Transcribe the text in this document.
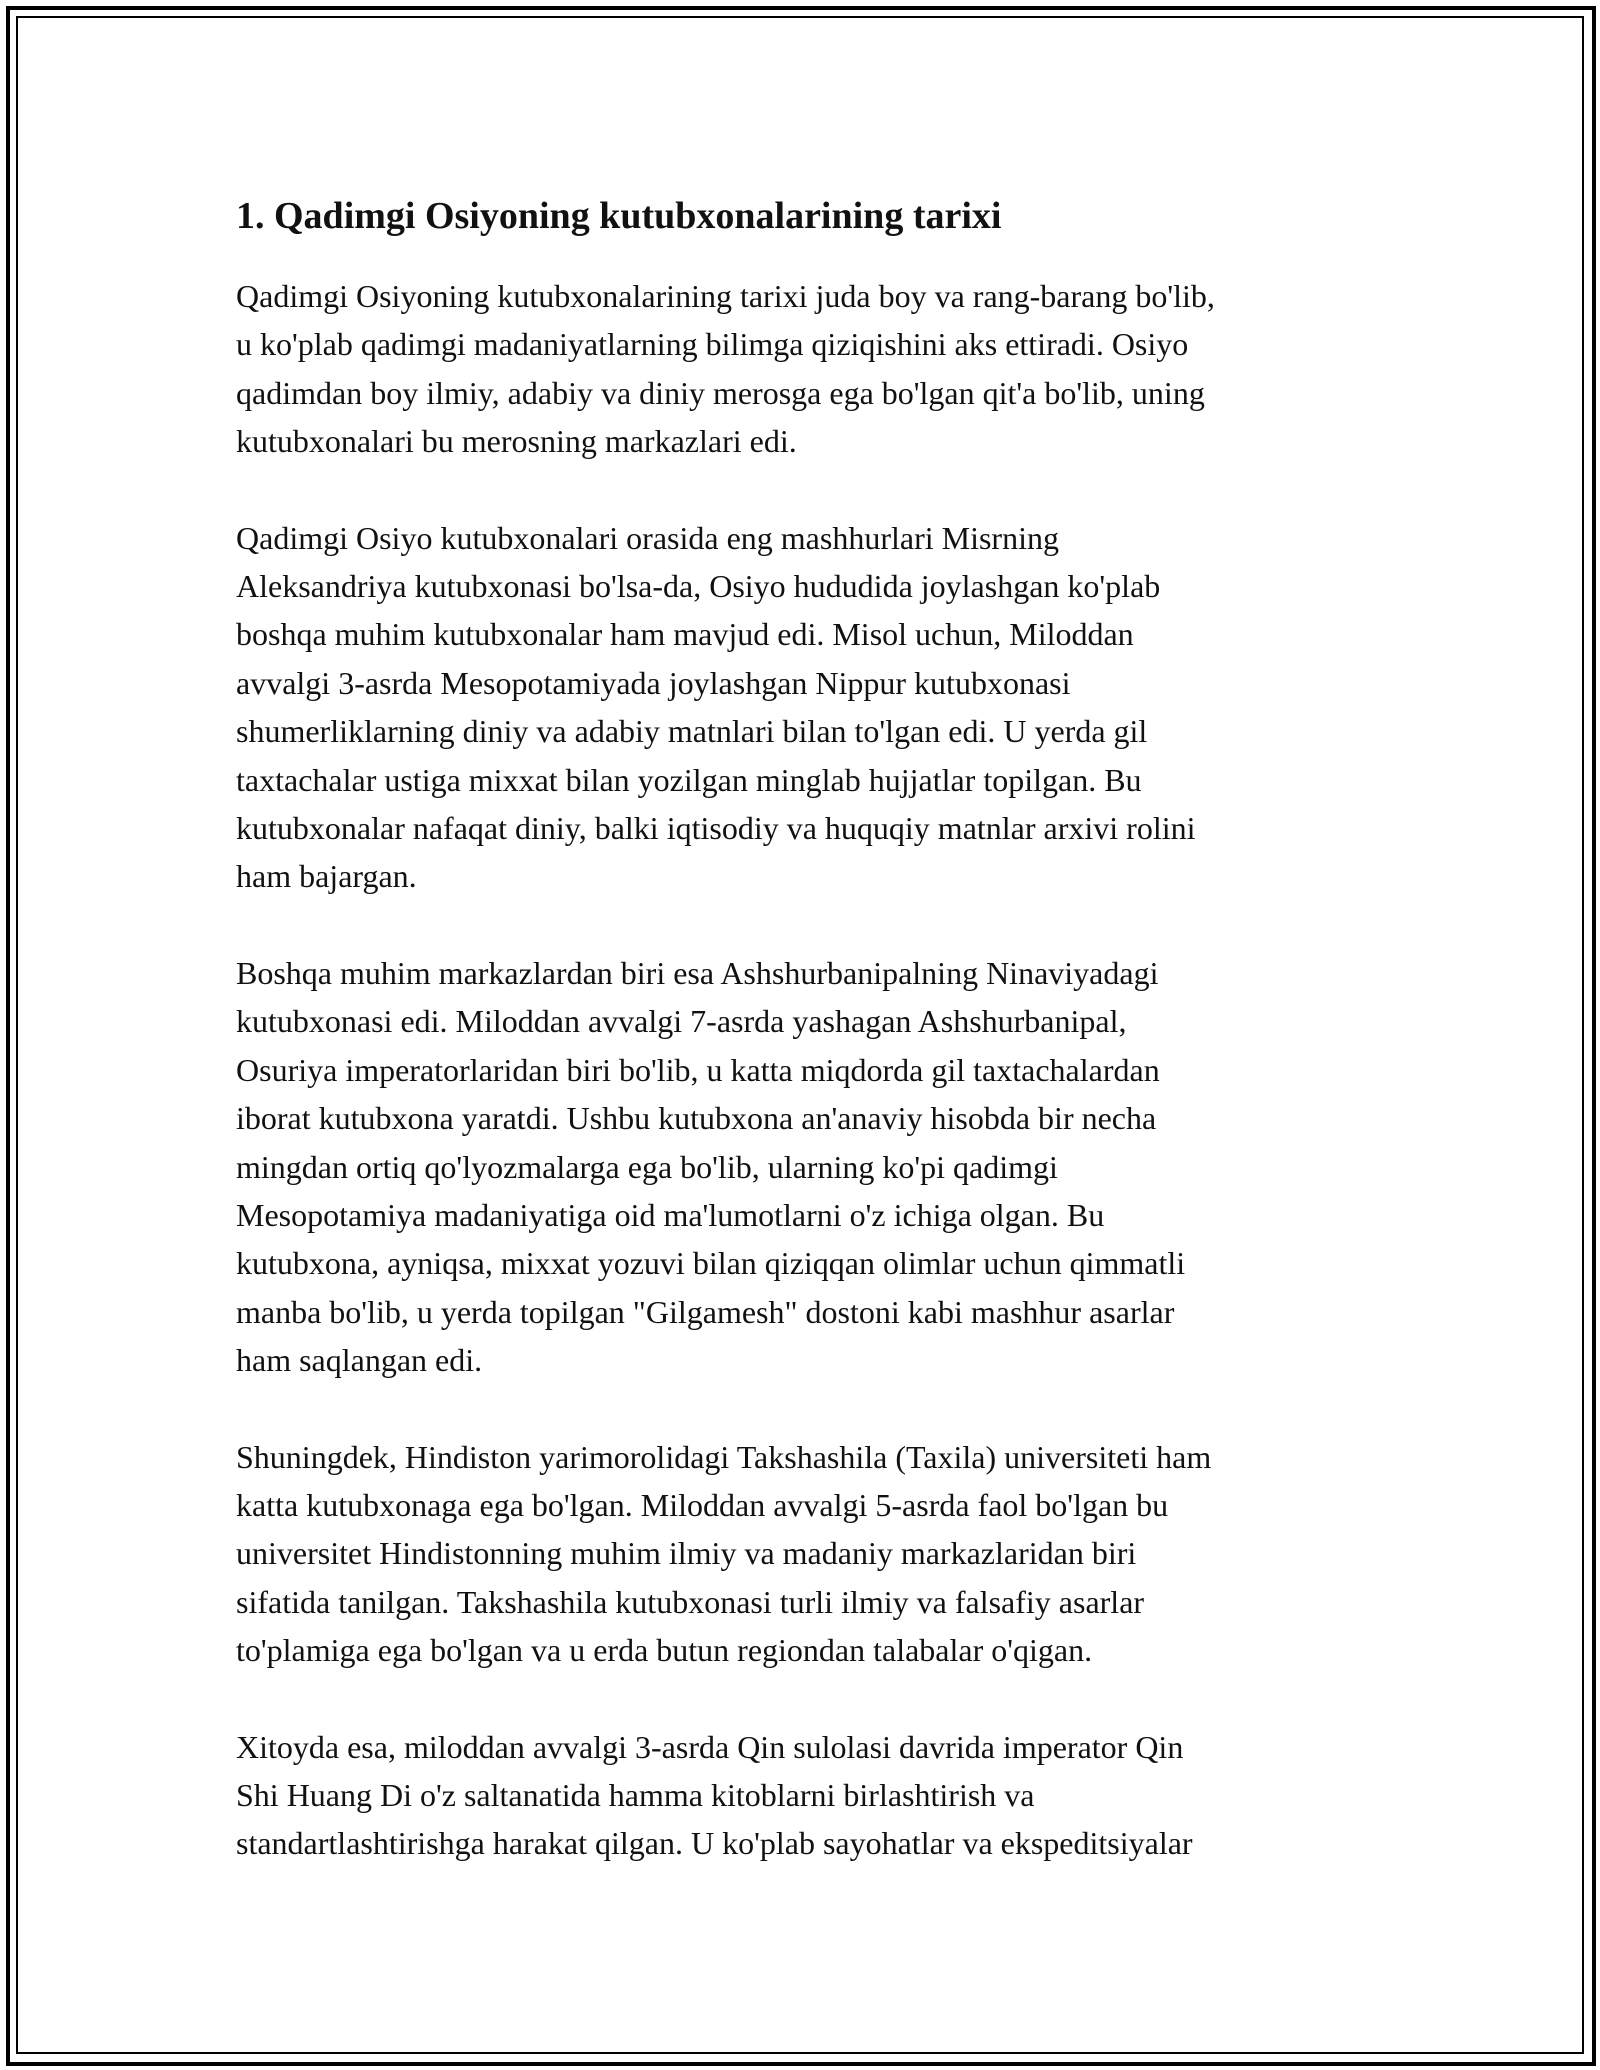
1. Qadimgi Osiyoning kutubxonalarining tarixi

Qadimgi Osiyoning kutubxonalarining tarixi juda boy va rang-barang bo'lib,
u ko'plab qadimgi madaniyatlarning bilimga qiziqishini aks ettiradi. Osiyo
qadimdan boy ilmiy, adabiy va diniy merosga ega bo'lgan qit'a bo'lib, uning
kutubxonalari bu merosning markazlari edi.

Qadimgi Osiyo kutubxonalari orasida eng mashhurlari Misrning
Aleksandriya kutubxonasi bo'lsa-da, Osiyo hududida joylashgan ko'plab
boshqa muhim kutubxonalar ham mavjud edi. Misol uchun, Miloddan
avvalgi 3-asrda Mesopotamiyada joylashgan Nippur kutubxonasi
shumerliklarning diniy va adabiy matnlari bilan to'lgan edi. U yerda gil
taxtachalar ustiga mixxat bilan yozilgan minglab hujjatlar topilgan. Bu
kutubxonalar nafaqat diniy, balki iqtisodiy va huquqiy matnlar arxivi rolini
ham bajargan.

Boshqa muhim markazlardan biri esa Ashshurbanipalning Ninaviyadagi
kutubxonasi edi. Miloddan avvalgi 7-asrda yashagan Ashshurbanipal,
Osuriya imperatorlaridan biri bo'lib, u katta miqdorda gil taxtachalardan
iborat kutubxona yaratdi. Ushbu kutubxona an'anaviy hisobda bir necha
mingdan ortiq qo'lyozmalarga ega bo'lib, ularning ko'pi qadimgi
Mesopotamiya madaniyatiga oid ma'lumotlarni o'z ichiga olgan. Bu
kutubxona, ayniqsa, mixxat yozuvi bilan qiziqqan olimlar uchun qimmatli
manba bo'lib, u yerda topilgan "Gilgamesh" dostoni kabi mashhur asarlar
ham saqlangan edi.

Shuningdek, Hindiston yarimorolidagi Takshashila (Taxila) universiteti ham
katta kutubxonaga ega bo'lgan. Miloddan avvalgi 5-asrda faol bo'lgan bu
universitet Hindistonning muhim ilmiy va madaniy markazlaridan biri
sifatida tanilgan. Takshashila kutubxonasi turli ilmiy va falsafiy asarlar
to'plamiga ega bo'lgan va u erda butun regiondan talabalar o'qigan.

Xitoyda esa, miloddan avvalgi 3-asrda Qin sulolasi davrida imperator Qin
Shi Huang Di o'z saltanatida hamma kitoblarni birlashtirish va
standartlashtirishga harakat qilgan. U ko'plab sayohatlar va ekspeditsiyalar
